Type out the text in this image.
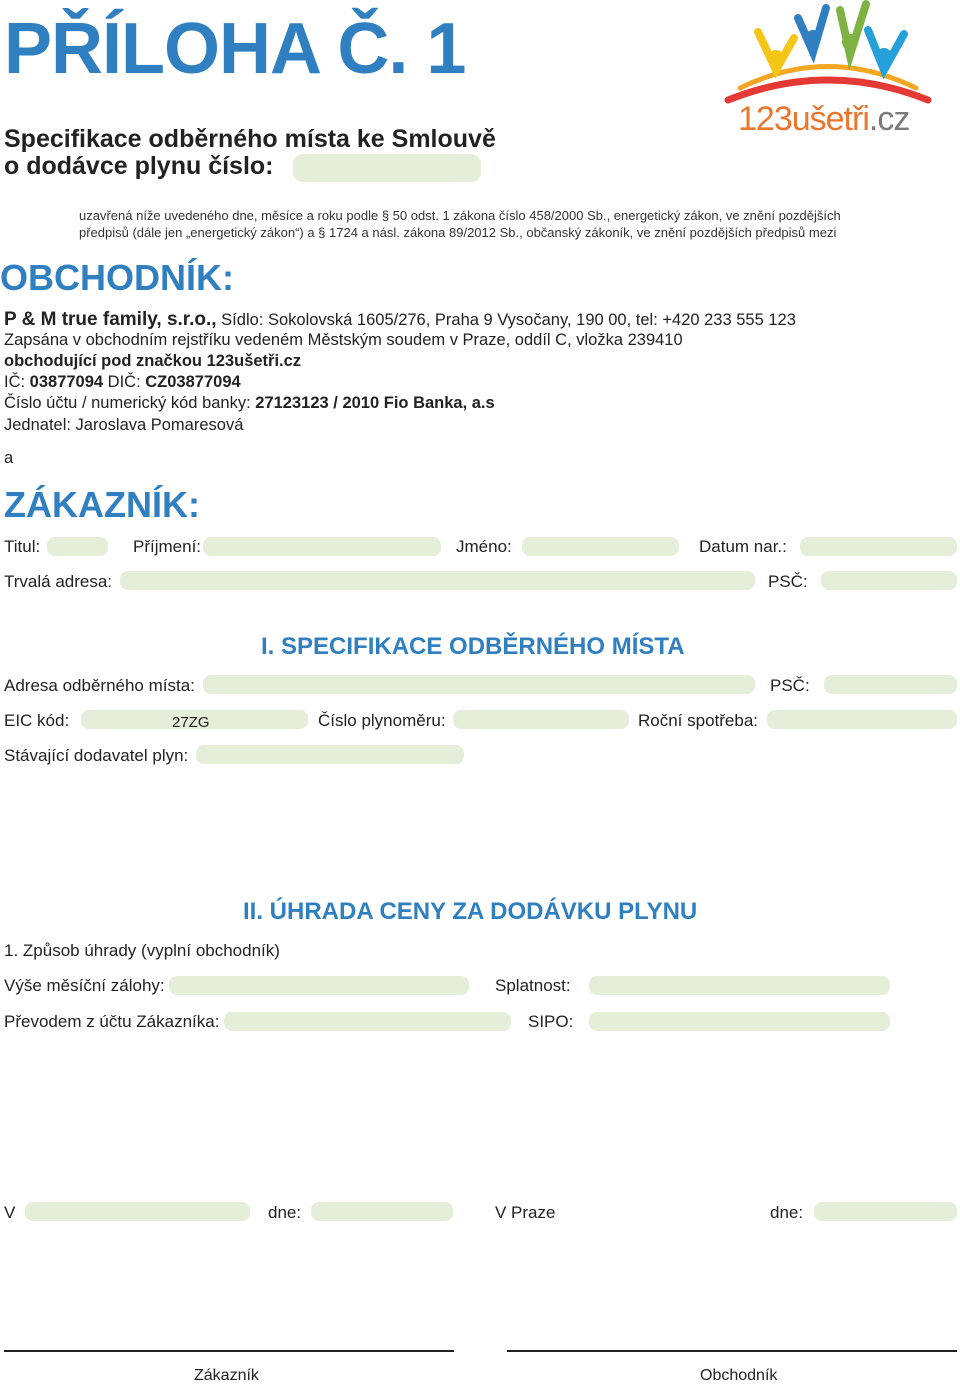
PŘÍLOHA Č. 1
Specifikace odběrného místa ke Smlouvě
o dodávce plynu číslo:
123ušetři.cz
uzavřená níže uvedeného dne, měsíce a roku podle § 50 odst. 1 zákona číslo 458/2000 Sb., energetický zákon, ve znění pozdějších
předpisů (dále jen „energetický zákon“) a § 1724 a násl. zákona 89/2012 Sb., občanský zákoník, ve znění pozdějších předpisů mezi
OBCHODNÍK:
P & M true family, s.r.o., Sídlo: Sokolovská 1605/276, Praha 9 Vysočany, 190 00, tel: +420 233 555 123
Zapsána v obchodním rejstříku vedeném Městským soudem v Praze, oddíl C, vložka 239410
obchodující pod značkou 123ušetři.cz
IČ: 03877094 DIČ: CZ03877094
Číslo účtu / numerický kód banky: 27123123 / 2010 Fio Banka, a.s
Jednatel: Jaroslava Pomaresová
a
ZÁKAZNÍK:
Titul:	Příjmení:	Jméno:	Datum nar.:
Trvalá adresa:	PSČ:
I. SPECIFIKACE ODBĚRNÉHO MÍSTA
Adresa odběrného místa:	PSČ:
EIC kód:	27ZG	Číslo plynoměru:	Roční spotřeba:
Stávající dodavatel plyn:
II. ÚHRADA CENY ZA DODÁVKU PLYNU
1. Způsob úhrady (vyplní obchodník)
Výše měsíční zálohy:	Splatnost:
Převodem z účtu Zákazníka:	SIPO:
V	dne:	V Praze	dne:
Zákazník	Obchodník
